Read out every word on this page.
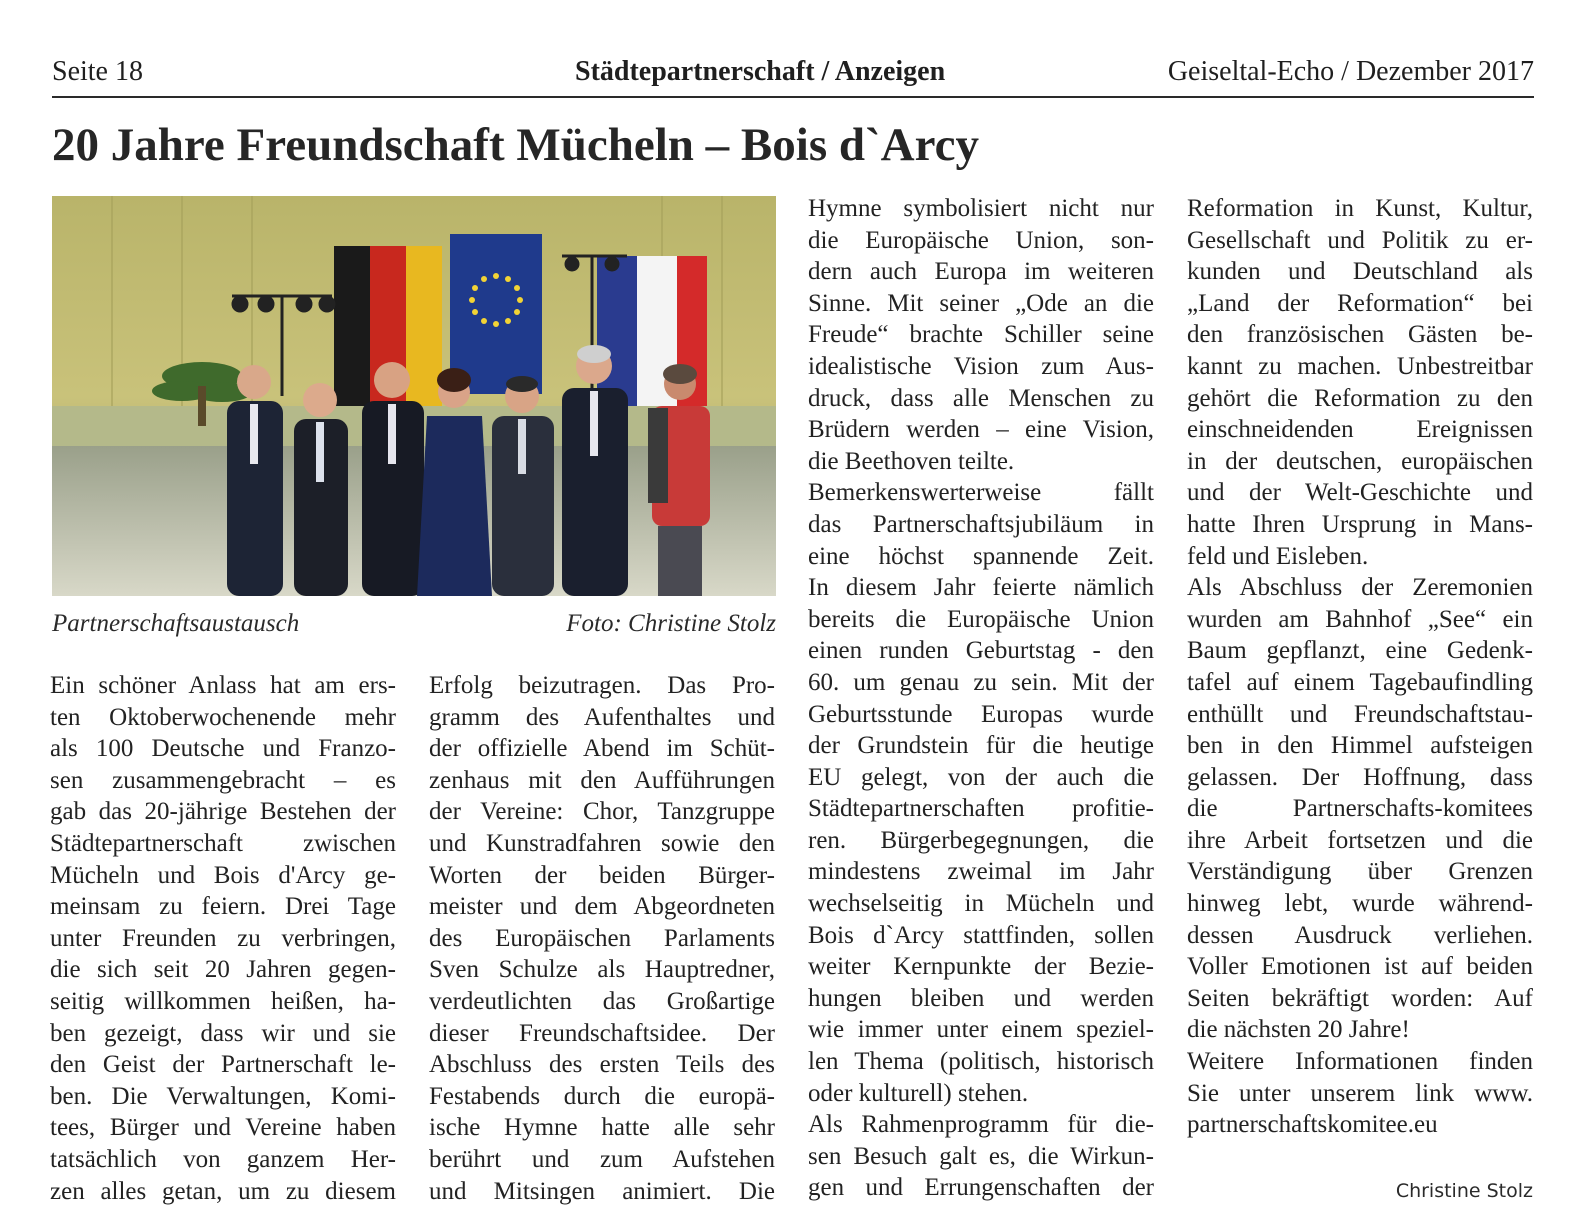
Seite 18	Städtepartnerschaft / Anzeigen	Geiseltal-Echo / Dezember 2017
20 Jahre Freundschaft Mücheln – Bois d`Arcy
Partnerschaftsaustausch	Foto: Christine Stolz
Ein schöner Anlass hat am ers-
ten Oktoberwochenende mehr
als 100 Deutsche und Franzo-
sen zusammengebracht – es
gab das 20-jährige Bestehen der
Städtepartnerschaft zwischen
Mücheln und Bois d'Arcy ge-
meinsam zu feiern. Drei Tage
unter Freunden zu verbringen,
die sich seit 20 Jahren gegen-
seitig willkommen heißen, ha-
ben gezeigt, dass wir und sie
den Geist der Partnerschaft le-
ben. Die Verwaltungen, Komi-
tees, Bürger und Vereine haben
tatsächlich von ganzem Her-
zen alles getan, um zu diesem
Erfolg beizutragen. Das Pro-
gramm des Aufenthaltes und
der offizielle Abend im Schüt-
zenhaus mit den Aufführungen
der Vereine: Chor, Tanzgruppe
und Kunstradfahren sowie den
Worten der beiden Bürger-
meister und dem Abgeordneten
des Europäischen Parlaments
Sven Schulze als Hauptredner,
verdeutlichten das Großartige
dieser Freundschaftsidee. Der
Abschluss des ersten Teils des
Festabends durch die europä-
ische Hymne hatte alle sehr
berührt und zum Aufstehen
und Mitsingen animiert. Die
Hymne symbolisiert nicht nur
die Europäische Union, son-
dern auch Europa im weiteren
Sinne. Mit seiner „Ode an die
Freude“ brachte Schiller seine
idealistische Vision zum Aus-
druck, dass alle Menschen zu
Brüdern werden – eine Vision,
die Beethoven teilte.
Bemerkenswerterweise fällt
das Partnerschaftsjubiläum in
eine höchst spannende Zeit.
In diesem Jahr feierte nämlich
bereits die Europäische Union
einen runden Geburtstag - den
60. um genau zu sein. Mit der
Geburtsstunde Europas wurde
der Grundstein für die heutige
EU gelegt, von der auch die
Städtepartnerschaften profitie-
ren. Bürgerbegegnungen, die
mindestens zweimal im Jahr
wechselseitig in Mücheln und
Bois d`Arcy stattfinden, sollen
weiter Kernpunkte der Bezie-
hungen bleiben und werden
wie immer unter einem speziel-
len Thema (politisch, historisch
oder kulturell) stehen.
Als Rahmenprogramm für die-
sen Besuch galt es, die Wirkun-
gen und Errungenschaften der
Reformation in Kunst, Kultur,
Gesellschaft und Politik zu er-
kunden und Deutschland als
„Land der Reformation“ bei
den französischen Gästen be-
kannt zu machen. Unbestreitbar
gehört die Reformation zu den
einschneidenden Ereignissen
in der deutschen, europäischen
und der Welt-Geschichte und
hatte Ihren Ursprung in Mans-
feld und Eisleben.
Als Abschluss der Zeremonien
wurden am Bahnhof „See“ ein
Baum gepflanzt, eine Gedenk-
tafel auf einem Tagebaufindling
enthüllt und Freundschaftstau-
ben in den Himmel aufsteigen
gelassen. Der Hoffnung, dass
die Partnerschafts-komitees
ihre Arbeit fortsetzen und die
Verständigung über Grenzen
hinweg lebt, wurde während-
dessen Ausdruck verliehen.
Voller Emotionen ist auf beiden
Seiten bekräftigt worden: Auf
die nächsten 20 Jahre!
Weitere Informationen finden
Sie unter unserem link www.
partnerschaftskomitee.eu
Christine Stolz
